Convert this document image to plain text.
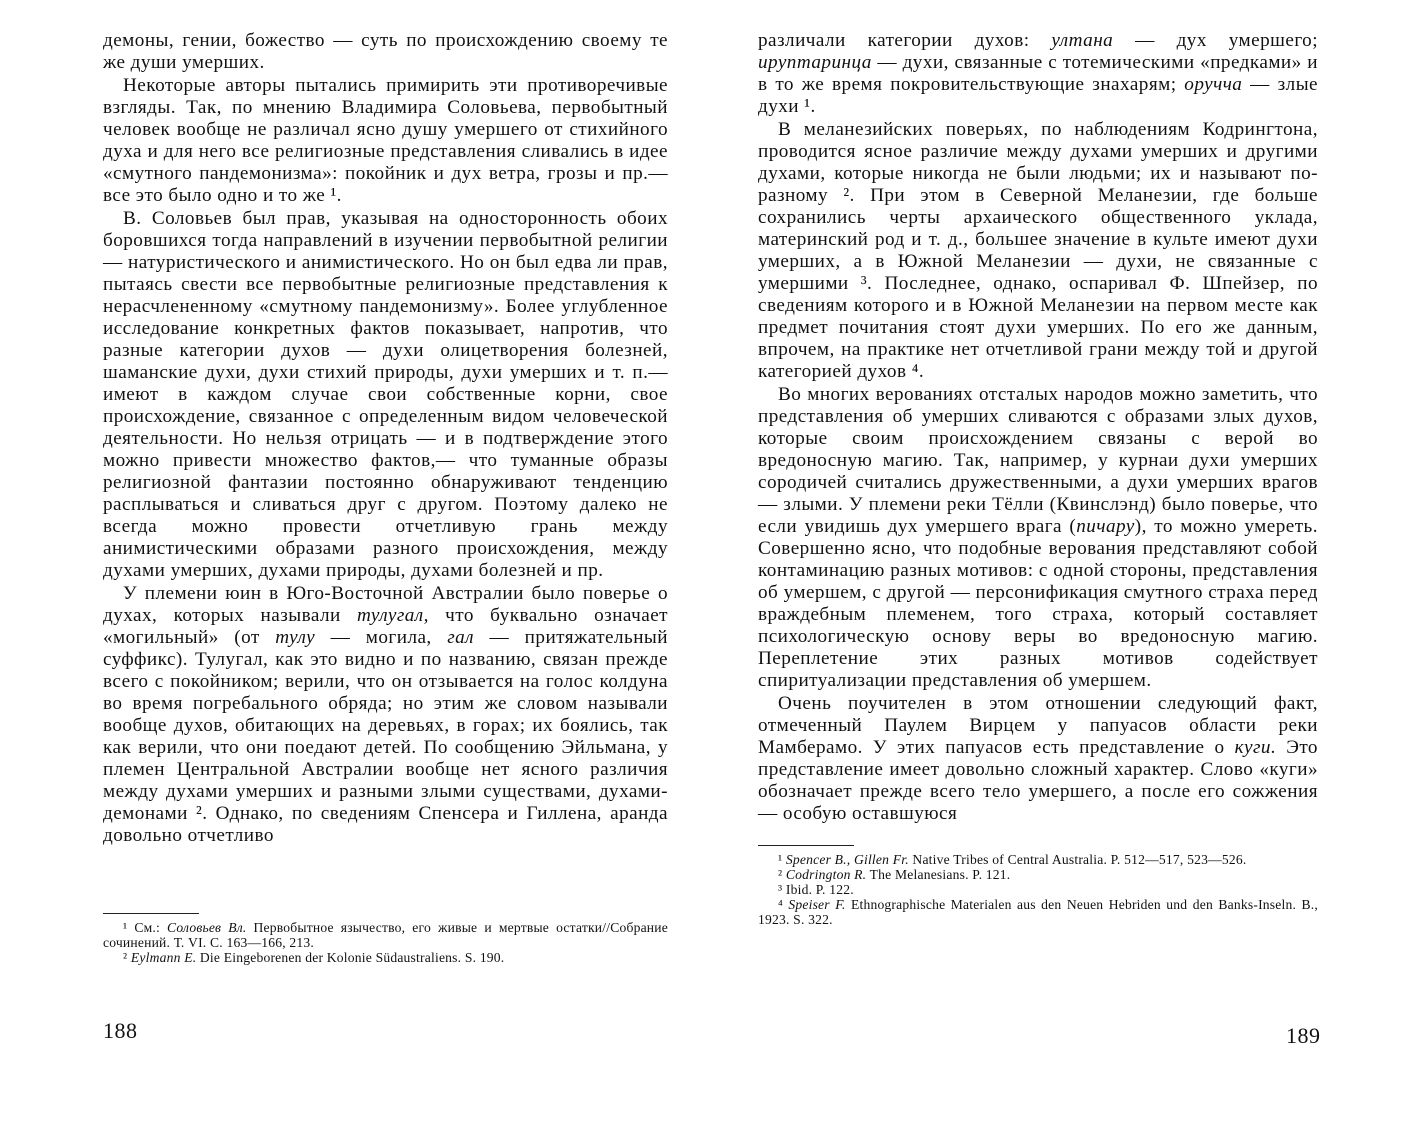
демоны, гении, божество — суть по происхождению своему те же души умерших.

Некоторые авторы пытались примирить эти противоречивые взгляды. Так, по мнению Владимира Соловьева, первобытный человек вообще не различал ясно душу умершего от стихийного духа и для него все религиозные представления сливались в идее «смутного пандемонизма»: покойник и дух ветра, грозы и пр.— все это было одно и то же ¹.

В. Соловьев был прав, указывая на односторонность обоих боровшихся тогда направлений в изучении первобытной религии — натуристического и анимистического. Но он был едва ли прав, пытаясь свести все первобытные религиозные представления к нерасчлененному «смутному пандемонизму». Более углубленное исследование конкретных фактов показывает, напротив, что разные категории духов — духи олицетворения болезней, шаманские духи, духи стихий природы, духи умерших и т. п.— имеют в каждом случае свои собственные корни, свое происхождение, связанное с определенным видом человеческой деятельности. Но нельзя отрицать — и в подтверждение этого можно привести множество фактов,— что туманные образы религиозной фантазии постоянно обнаруживают тенденцию расплываться и сливаться друг с другом. Поэтому далеко не всегда можно провести отчетливую грань между анимистическими образами разного происхождения, между духами умерших, духами природы, духами болезней и пр.

У племени юин в Юго-Восточной Австралии было поверье о духах, которых называли тулугал, что буквально означает «могильный» (от тулу — могила, гал — притяжательный суффикс). Тулугал, как это видно и по названию, связан прежде всего с покойником; верили, что он отзывается на голос колдуна во время погребального обряда; но этим же словом называли вообще духов, обитающих на деревьях, в горах; их боялись, так как верили, что они поедают детей. По сообщению Эйльмана, у племен Центральной Австралии вообще нет ясного различия между духами умерших и разными злыми существами, духами-демонами ². Однако, по сведениям Спенсера и Гиллена, аранда довольно отчетливо

¹ См.: Соловьев Вл. Первобытное язычество, его живые и мертвые остатки//Собрание сочинений. Т. VI. С. 163—166, 213.

² Eylmann E. Die Eingeborenen der Kolonie Südaustraliens. S. 190.

188

различали категории духов: ултана — дух умершего; ируптаринца — духи, связанные с тотемическими «предками» и в то же время покровительствующие знахарям; оручча — злые духи ¹.

В меланезийских поверьях, по наблюдениям Кодрингтона, проводится ясное различие между духами умерших и другими духами, которые никогда не были людьми; их и называют по-разному ². При этом в Северной Меланезии, где больше сохранились черты архаического общественного уклада, материнский род и т. д., большее значение в культе имеют духи умерших, а в Южной Меланезии — духи, не связанные с умершими ³. Последнее, однако, оспаривал Ф. Шпейзер, по сведениям которого и в Южной Меланезии на первом месте как предмет почитания стоят духи умерших. По его же данным, впрочем, на практике нет отчетливой грани между той и другой категорией духов ⁴.

Во многих верованиях отсталых народов можно заметить, что представления об умерших сливаются с образами злых духов, которые своим происхождением связаны с верой во вредоносную магию. Так, например, у курнаи духи умерших сородичей считались дружественными, а духи умерших врагов — злыми. У племени реки Тёлли (Квинслэнд) было поверье, что если увидишь дух умершего врага (пичару), то можно умереть. Совершенно ясно, что подобные верования представляют собой контаминацию разных мотивов: с одной стороны, представления об умершем, с другой — персонификация смутного страха перед враждебным племенем, того страха, который составляет психологическую основу веры во вредоносную магию. Переплетение этих разных мотивов содействует спиритуализации представления об умершем.

Очень поучителен в этом отношении следующий факт, отмеченный Паулем Вирцем у папуасов области реки Мамберамо. У этих папуасов есть представление о куги. Это представление имеет довольно сложный характер. Слово «куги» обозначает прежде всего тело умершего, а после его сожжения — особую оставшуюся

¹ Spencer B., Gillen Fr. Native Tribes of Central Australia. P. 512—517, 523—526.

² Codrington R. The Melanesians. P. 121.

³ Ibid. P. 122.

⁴ Speiser F. Ethnographische Materialen aus den Neuen Hebriden und den Banks-Inseln. B., 1923. S. 322.

189
